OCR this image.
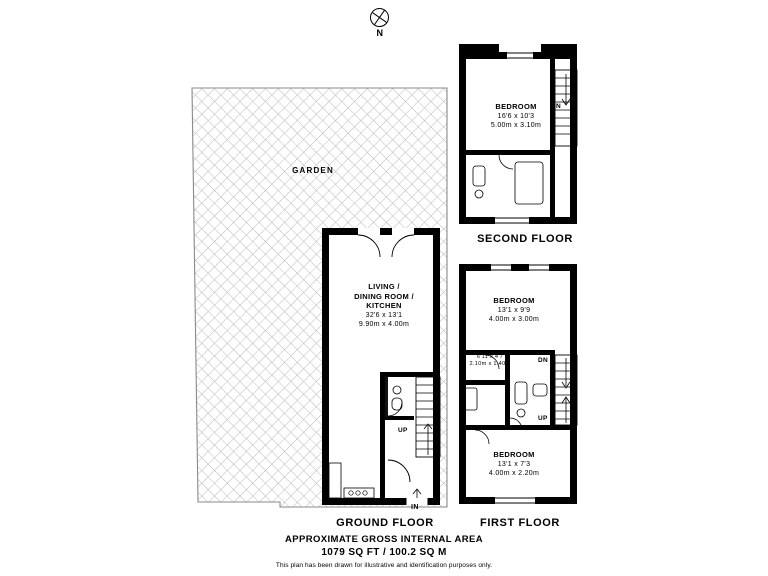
N
GARDEN
LIVING /
DINING ROOM /
KITCHEN
32'6 x 13'1
9.90m x 4.00m
UP
IN
GROUND FLOOR
BEDROOM
13'1 x 9'9
4.00m x 3.00m
6'11 x 4'7
2.10m x 1.40m
BEDROOM
13'1 x 7'3
4.00m x 2.20m
DN
UP
FIRST FLOOR
BEDROOM
16'6 x 10'3
5.00m x 3.10m
DN
SECOND FLOOR
APPROXIMATE GROSS INTERNAL AREA
1079 SQ FT / 100.2 SQ M
This plan has been drawn for illustrative and identification purposes only.
